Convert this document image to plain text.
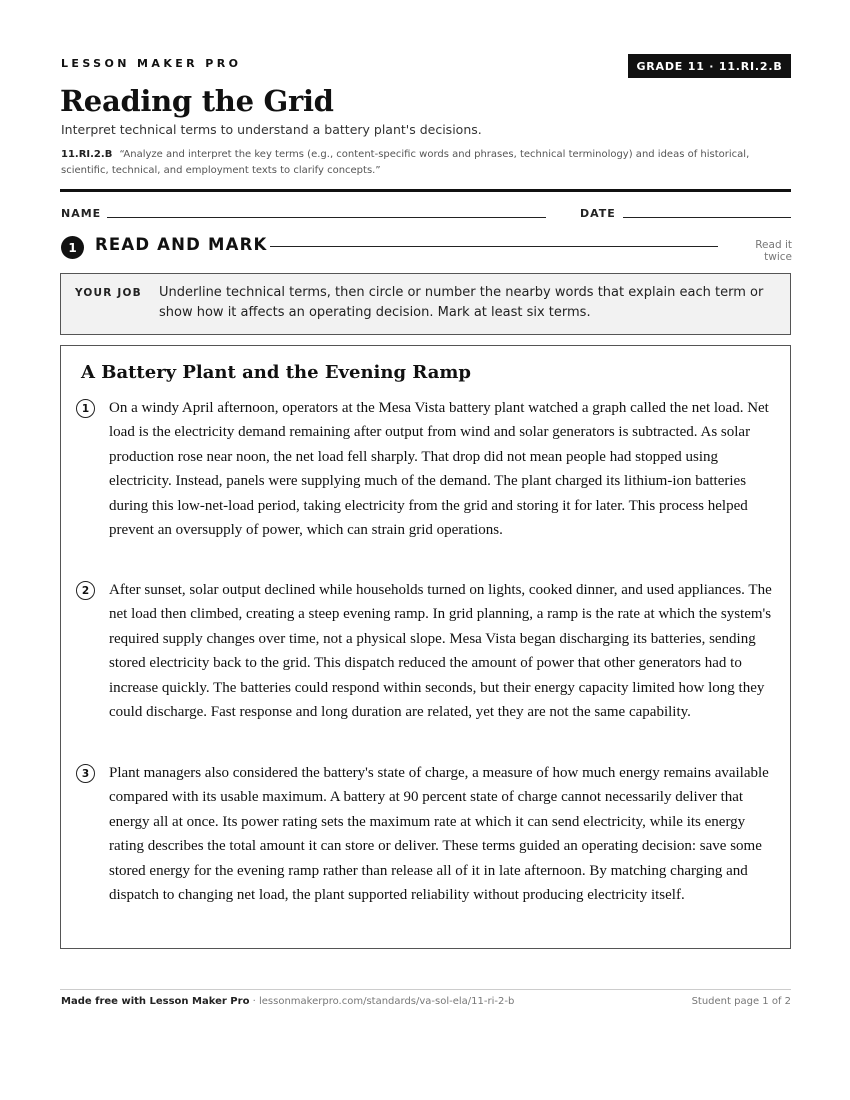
LESSON MAKER PRO	GRADE 11 · 11.RI.2.B
Reading the Grid
Interpret technical terms to understand a battery plant's decisions.
11.RI.2.B “Analyze and interpret the key terms (e.g., content-specific words and phrases, technical terminology) and ideas of historical, scientific, technical, and employment texts to clarify concepts.”
NAME	DATE
1	READ AND MARK	Read it twice
YOUR JOB Underline technical terms, then circle or number the nearby words that explain each term or show how it affects an operating decision. Mark at least six terms.
A Battery Plant and the Evening Ramp
1	On a windy April afternoon, operators at the Mesa Vista battery plant watched a graph called the net load. Net load is the electricity demand remaining after output from wind and solar generators is subtracted. As solar production rose near noon, the net load fell sharply. That drop did not mean people had stopped using electricity. Instead, panels were supplying much of the demand. The plant charged its lithium-ion batteries during this low-net-load period, taking electricity from the grid and storing it for later. This process helped prevent an oversupply of power, which can strain grid operations.
2	After sunset, solar output declined while households turned on lights, cooked dinner, and used appliances. The net load then climbed, creating a steep evening ramp. In grid planning, a ramp is the rate at which the system's required supply changes over time, not a physical slope. Mesa Vista began discharging its batteries, sending stored electricity back to the grid. This dispatch reduced the amount of power that other generators had to increase quickly. The batteries could respond within seconds, but their energy capacity limited how long they could discharge. Fast response and long duration are related, yet they are not the same capability.
3	Plant managers also considered the battery's state of charge, a measure of how much energy remains available compared with its usable maximum. A battery at 90 percent state of charge cannot necessarily deliver that energy all at once. Its power rating sets the maximum rate at which it can send electricity, while its energy rating describes the total amount it can store or deliver. These terms guided an operating decision: save some stored energy for the evening ramp rather than release all of it in late afternoon. By matching charging and dispatch to changing net load, the plant supported reliability without producing electricity itself.
Made free with Lesson Maker Pro · lessonmakerpro.com/standards/va-sol-ela/11-ri-2-b	Student page 1 of 2
